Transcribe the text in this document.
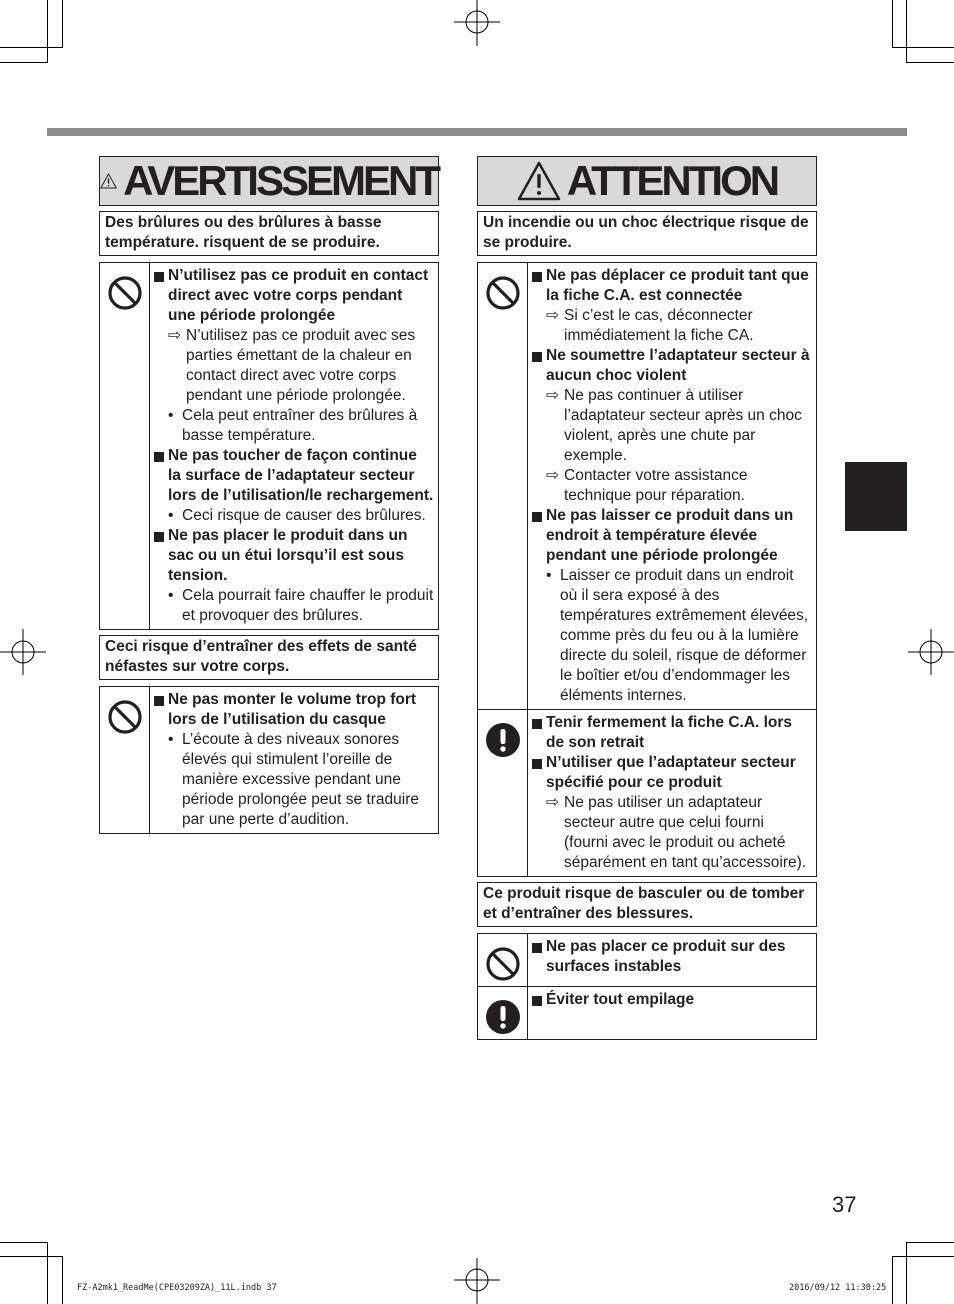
AVERTISSEMENT
Des brûlures ou des brûlures à basse température. risquent de se produire.
N’utilisez pas ce produit en contact direct avec votre corps pendant une période prolongée
⇨ N’utilisez pas ce produit avec ses parties émettant de la chaleur en contact direct avec votre corps pendant une période prolongée.
• Cela peut entraîner des brûlures à basse température.
Ne pas toucher de façon continue la surface de l’adaptateur secteur lors de l’utilisation/le rechargement.
• Ceci risque de causer des brûlures.
Ne pas placer le produit dans un sac ou un étui lorsqu’il est sous tension.
• Cela pourrait faire chauffer le produit et provoquer des brûlures.
Ceci risque d’entraîner des effets de santé néfastes sur votre corps.
Ne pas monter le volume trop fort lors de l’utilisation du casque
• L’écoute à des niveaux sonores élevés qui stimulent l’oreille de manière excessive pendant une période prolongée peut se traduire par une perte d’audition.
ATTENTION
Un incendie ou un choc électrique risque de se produire.
Ne pas déplacer ce produit tant que la fiche C.A. est connectée
⇨ Si c’est le cas, déconnecter immédiatement la fiche CA.
Ne soumettre l’adaptateur secteur à aucun choc violent
⇨ Ne pas continuer à utiliser l’adaptateur secteur après un choc violent, après une chute par exemple.
⇨ Contacter votre assistance technique pour réparation.
Ne pas laisser ce produit dans un endroit à température élevée pendant une période prolongée
• Laisser ce produit dans un endroit où il sera exposé à des températures extrêmement élevées, comme près du feu ou à la lumière directe du soleil, risque de déformer le boîtier et/ou d’endommager les éléments internes.
Tenir fermement la fiche C.A. lors de son retrait
N’utiliser que l’adaptateur secteur spécifié pour ce produit
⇨ Ne pas utiliser un adaptateur secteur autre que celui fourni (fourni avec le produit ou acheté séparément en tant qu’accessoire).
Ce produit risque de basculer ou de tomber et d’entraîner des blessures.
Ne pas placer ce produit sur des surfaces instables
Éviter tout empilage
37
FZ-A2mk1_ReadMe(CPE03209ZA)_11L.indb 37	2016/09/12 11:30:25
